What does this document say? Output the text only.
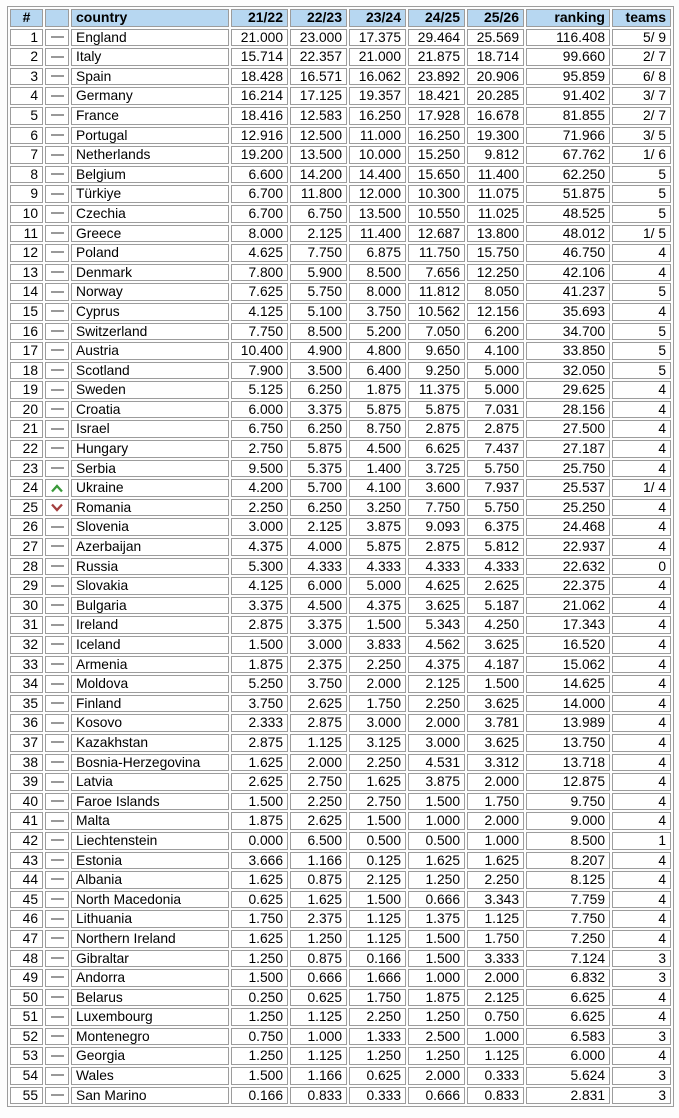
#		country	21/22	22/23	23/24	24/25	25/26	ranking	teams
1		England	21.000	23.000	17.375	29.464	25.569	116.408	5/ 9
2		Italy	15.714	22.357	21.000	21.875	18.714	99.660	2/ 7
3		Spain	18.428	16.571	16.062	23.892	20.906	95.859	6/ 8
4		Germany	16.214	17.125	19.357	18.421	20.285	91.402	3/ 7
5		France	18.416	12.583	16.250	17.928	16.678	81.855	2/ 7
6		Portugal	12.916	12.500	11.000	16.250	19.300	71.966	3/ 5
7		Netherlands	19.200	13.500	10.000	15.250	9.812	67.762	1/ 6
8		Belgium	6.600	14.200	14.400	15.650	11.400	62.250	5
9		Türkiye	6.700	11.800	12.000	10.300	11.075	51.875	5
10		Czechia	6.700	6.750	13.500	10.550	11.025	48.525	5
11		Greece	8.000	2.125	11.400	12.687	13.800	48.012	1/ 5
12		Poland	4.625	7.750	6.875	11.750	15.750	46.750	4
13		Denmark	7.800	5.900	8.500	7.656	12.250	42.106	4
14		Norway	7.625	5.750	8.000	11.812	8.050	41.237	5
15		Cyprus	4.125	5.100	3.750	10.562	12.156	35.693	4
16		Switzerland	7.750	8.500	5.200	7.050	6.200	34.700	5
17		Austria	10.400	4.900	4.800	9.650	4.100	33.850	5
18		Scotland	7.900	3.500	6.400	9.250	5.000	32.050	5
19		Sweden	5.125	6.250	1.875	11.375	5.000	29.625	4
20		Croatia	6.000	3.375	5.875	5.875	7.031	28.156	4
21		Israel	6.750	6.250	8.750	2.875	2.875	27.500	4
22		Hungary	2.750	5.875	4.500	6.625	7.437	27.187	4
23		Serbia	9.500	5.375	1.400	3.725	5.750	25.750	4
24		Ukraine	4.200	5.700	4.100	3.600	7.937	25.537	1/ 4
25		Romania	2.250	6.250	3.250	7.750	5.750	25.250	4
26		Slovenia	3.000	2.125	3.875	9.093	6.375	24.468	4
27		Azerbaijan	4.375	4.000	5.875	2.875	5.812	22.937	4
28		Russia	5.300	4.333	4.333	4.333	4.333	22.632	0
29		Slovakia	4.125	6.000	5.000	4.625	2.625	22.375	4
30		Bulgaria	3.375	4.500	4.375	3.625	5.187	21.062	4
31		Ireland	2.875	3.375	1.500	5.343	4.250	17.343	4
32		Iceland	1.500	3.000	3.833	4.562	3.625	16.520	4
33		Armenia	1.875	2.375	2.250	4.375	4.187	15.062	4
34		Moldova	5.250	3.750	2.000	2.125	1.500	14.625	4
35		Finland	3.750	2.625	1.750	2.250	3.625	14.000	4
36		Kosovo	2.333	2.875	3.000	2.000	3.781	13.989	4
37		Kazakhstan	2.875	1.125	3.125	3.000	3.625	13.750	4
38		Bosnia-Herzegovina	1.625	2.000	2.250	4.531	3.312	13.718	4
39		Latvia	2.625	2.750	1.625	3.875	2.000	12.875	4
40		Faroe Islands	1.500	2.250	2.750	1.500	1.750	9.750	4
41		Malta	1.875	2.625	1.500	1.000	2.000	9.000	4
42		Liechtenstein	0.000	6.500	0.500	0.500	1.000	8.500	1
43		Estonia	3.666	1.166	0.125	1.625	1.625	8.207	4
44		Albania	1.625	0.875	2.125	1.250	2.250	8.125	4
45		North Macedonia	0.625	1.625	1.500	0.666	3.343	7.759	4
46		Lithuania	1.750	2.375	1.125	1.375	1.125	7.750	4
47		Northern Ireland	1.625	1.250	1.125	1.500	1.750	7.250	4
48		Gibraltar	1.250	0.875	0.166	1.500	3.333	7.124	3
49		Andorra	1.500	0.666	1.666	1.000	2.000	6.832	3
50		Belarus	0.250	0.625	1.750	1.875	2.125	6.625	4
51		Luxembourg	1.250	1.125	2.250	1.250	0.750	6.625	4
52		Montenegro	0.750	1.000	1.333	2.500	1.000	6.583	3
53		Georgia	1.250	1.125	1.250	1.250	1.125	6.000	4
54		Wales	1.500	1.166	0.625	2.000	0.333	5.624	3
55		San Marino	0.166	0.833	0.333	0.666	0.833	2.831	3
